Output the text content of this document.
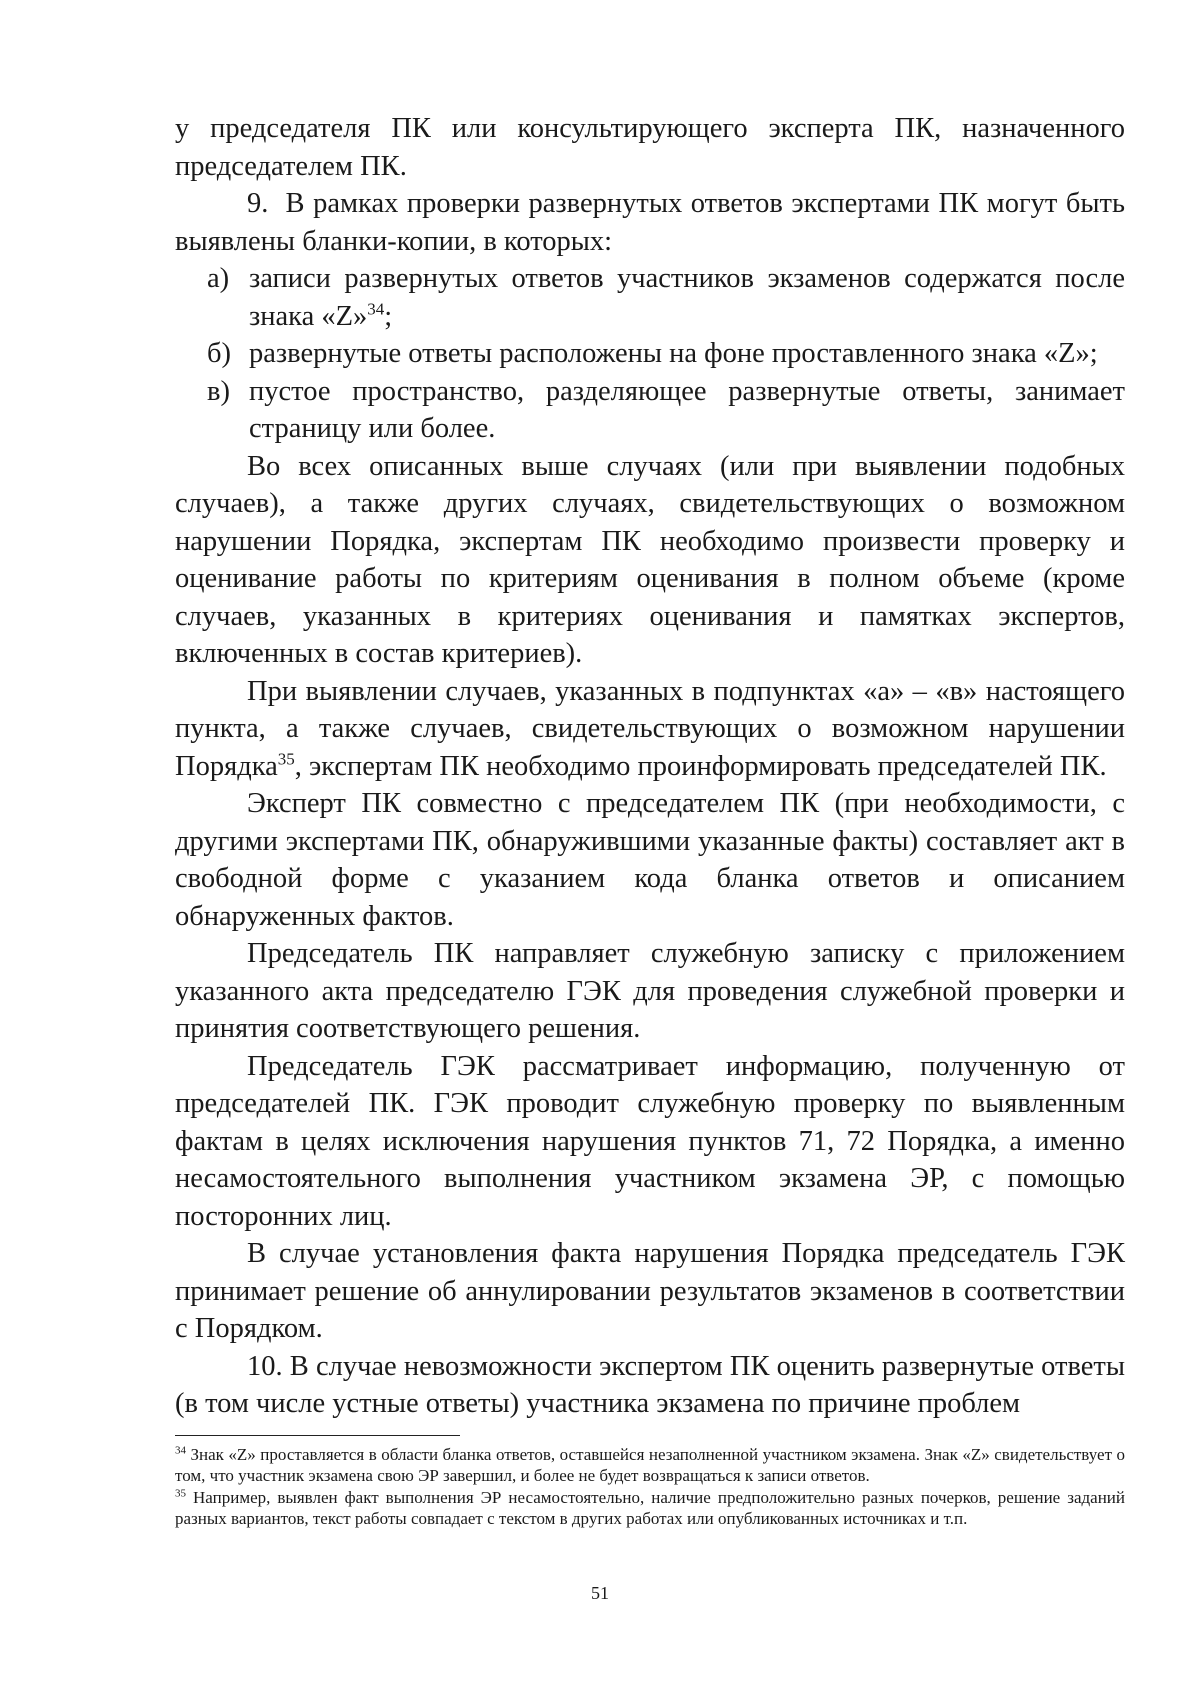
у председателя ПК или консультирующего эксперта ПК, назначенного председателем ПК.

9. В рамках проверки развернутых ответов экспертами ПК могут быть выявлены бланки-копии, в которых:

а) записи развернутых ответов участников экзаменов содержатся после знака «Z»$^{34}$;
б) развернутые ответы расположены на фоне проставленного знака «Z»;
в) пустое пространство, разделяющее развернутые ответы, занимает страницу или более.

Во всех описанных выше случаях (или при выявлении подобных случаев), а также других случаях, свидетельствующих о возможном нарушении Порядка, экспертам ПК необходимо произвести проверку и оценивание работы по критериям оценивания в полном объеме (кроме случаев, указанных в критериях оценивания и памятках экспертов, включенных в состав критериев).

При выявлении случаев, указанных в подпунктах «а» – «в» настоящего пункта, а также случаев, свидетельствующих о возможном нарушении Порядка$^{35}$, экспертам ПК необходимо проинформировать председателей ПК.

Эксперт ПК совместно с председателем ПК (при необходимости, с другими экспертами ПК, обнаружившими указанные факты) составляет акт в свободной форме с указанием кода бланка ответов и описанием обнаруженных фактов.

Председатель ПК направляет служебную записку с приложением указанного акта председателю ГЭК для проведения служебной проверки и принятия соответствующего решения.

Председатель ГЭК рассматривает информацию, полученную от председателей ПК. ГЭК проводит служебную проверку по выявленным фактам в целях исключения нарушения пунктов 71, 72 Порядка, а именно несамостоятельного выполнения участником экзамена ЭР, с помощью посторонних лиц.

В случае установления факта нарушения Порядка председатель ГЭК принимает решение об аннулировании результатов экзаменов в соответствии с Порядком.

10. В случае невозможности экспертом ПК оценить развернутые ответы (в том числе устные ответы) участника экзамена по причине проблем

$^{34}$ Знак «Z» проставляется в области бланка ответов, оставшейся незаполненной участником экзамена. Знак «Z» свидетельствует о том, что участник экзамена свою ЭР завершил, и более не будет возвращаться к записи ответов.

$^{35}$ Например, выявлен факт выполнения ЭР несамостоятельно, наличие предположительно разных почерков, решение заданий разных вариантов, текст работы совпадает с текстом в других работах или опубликованных источниках и т.п.

51
